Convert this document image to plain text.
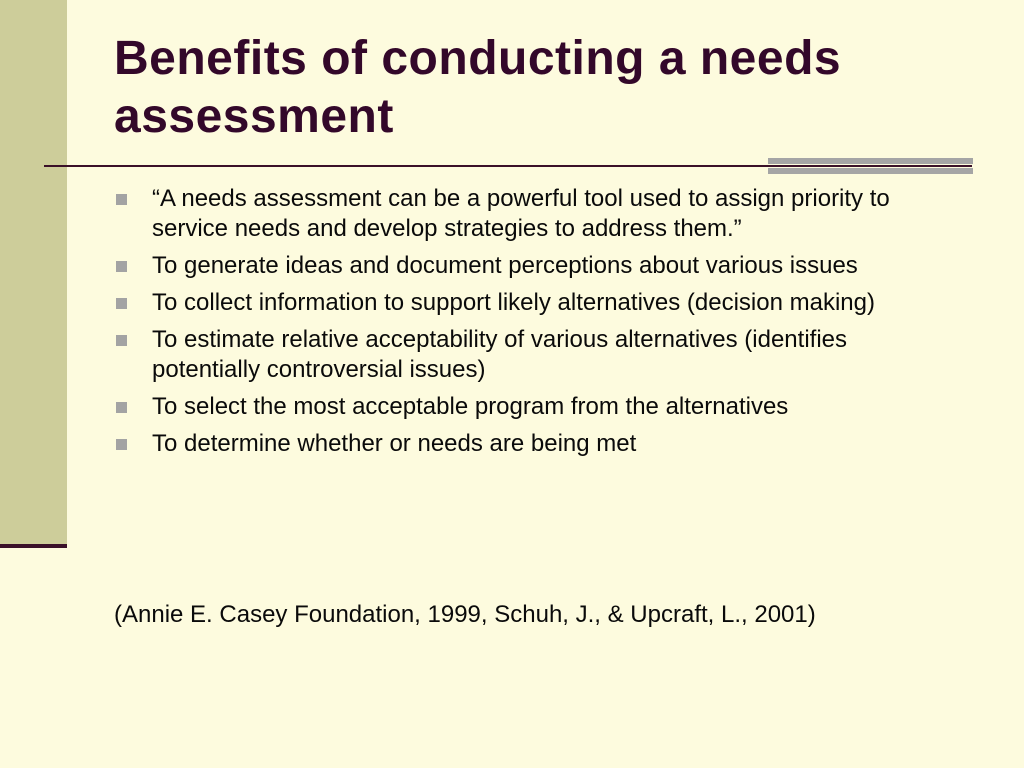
Benefits of conducting a needs assessment
“A needs assessment can be a powerful tool used to assign priority to service needs and develop strategies to address them.”
To generate ideas and document perceptions about various issues
To collect information to support likely alternatives (decision making)
To estimate relative acceptability of various alternatives (identifies potentially controversial issues)
To select the most acceptable program from the alternatives
To determine whether or needs are being met

(Annie E. Casey Foundation, 1999, Schuh, J., & Upcraft, L., 2001)
